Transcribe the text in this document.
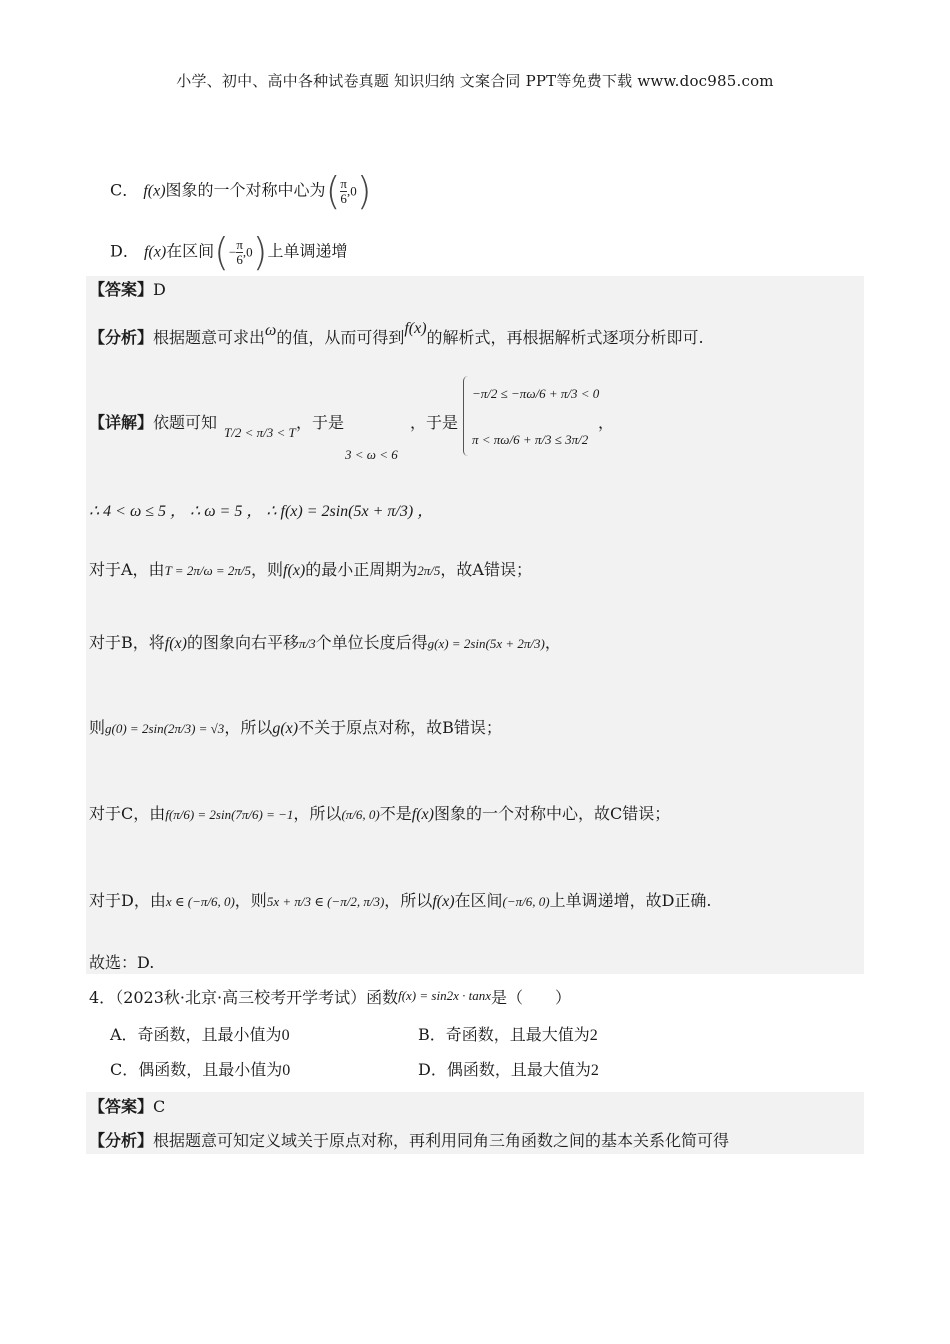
小学、初中、高中各种试卷真题 知识归纳 文案合同 PPT等免费下载 www.doc985.com
C． f(x)图象的一个对称中心为( $\frac{\pi}{6} ,0$)
D． f(x)在区间(− $\frac{\pi}{6} ,0$)上单调递增
【答案】D
【分析】根据题意可求出ω的值，从而可得到f(x)的解析式，再根据解析式逐项分析即可.
【详解】依题可知
T/2 < π/3 < T
，于是
3 < ω < 6
，于是
−π/2 ≤ −πω/6 + π/3 < 0
π < πω/6 + π/3 ≤ 3π/2
，
∴ 4 < ω ≤ 5 ， ∴ ω = 5 ， ∴ f(x) = 2sin(5x + π/3) ，
对于A，由T = 2π/ω = 2π/5，则f(x)的最小正周期为2π/5，故A错误；
对于B，将f(x)的图象向右平移π/3个单位长度后得g(x) = 2sin(5x + 2π/3)，
则g(0) = 2sin(2π/3) = √3，所以g(x)不关于原点对称，故B错误；
对于C，由f(π/6) = 2sin(7π/6) = −1，所以(π/6, 0)不是f(x)图象的一个对称中心，故C错误；
对于D，由x ∈ (−π/6, 0)，则5x + π/3 ∈ (−π/2, π/3)，所以f(x)在区间(−π/6, 0)上单调递增，故D正确.
故选：D.
4．（2023秋·北京·高三校考开学考试）函数f(x) = sin2x · tanx是（　　）
A．奇函数，且最小值为0	B．奇函数，且最大值为2
C．偶函数，且最小值为0	D．偶函数，且最大值为2
【答案】C
【分析】根据题意可知定义域关于原点对称，再利用同角三角函数之间的基本关系化简可得
